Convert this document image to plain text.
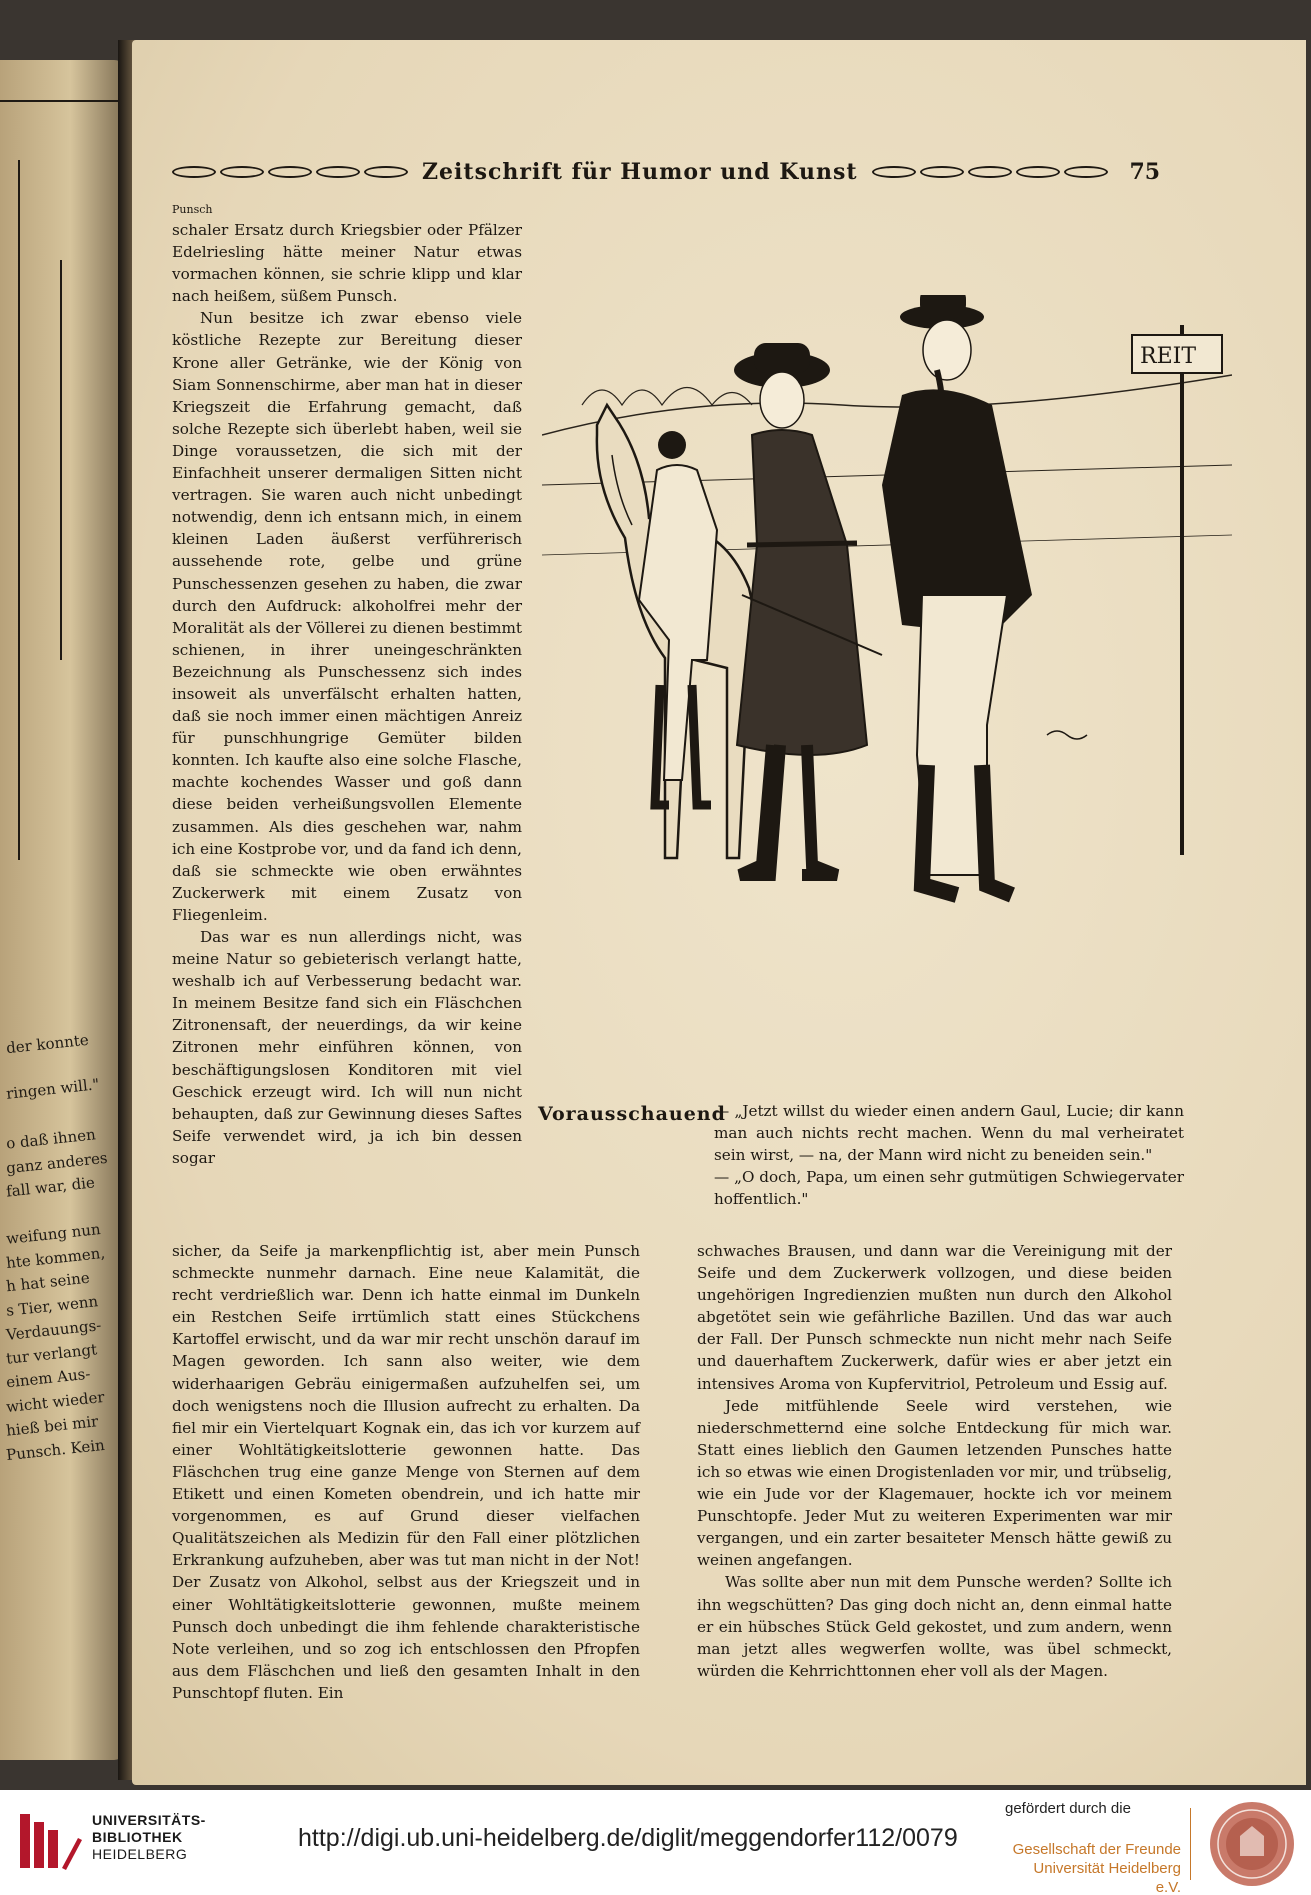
der konnte
ringen will."
o daß ihnen
ganz anderes
fall war, die
weifung nun
hte kommen,
h hat seine
s Tier, wenn
Verdauungs-
tur verlangt
einem Aus-
wicht wieder
hieß bei mir
Punsch. Kein
Zeitschrift für Humor und Kunst	75
Punsch

schaler Ersatz durch Kriegsbier oder Pfälzer Edelriesling hätte meiner Natur etwas vormachen können, sie schrie klipp und klar nach heißem, süßem Punsch.

Nun besitze ich zwar ebenso viele köstliche Rezepte zur Bereitung dieser Krone aller Getränke, wie der König von Siam Sonnenschirme, aber man hat in dieser Kriegszeit die Erfahrung gemacht, daß solche Rezepte sich überlebt haben, weil sie Dinge voraussetzen, die sich mit der Einfachheit unserer dermaligen Sitten nicht vertragen. Sie waren auch nicht unbedingt notwendig, denn ich entsann mich, in einem kleinen Laden äußerst verführerisch aussehende rote, gelbe und grüne Punschessenzen gesehen zu haben, die zwar durch den Aufdruck: alkoholfrei mehr der Moralität als der Völlerei zu dienen bestimmt schienen, in ihrer uneingeschränkten Bezeichnung als Punschessenz sich indes insoweit als unverfälscht erhalten hatten, daß sie noch immer einen mächtigen Anreiz für punschhungrige Gemüter bilden konnten. Ich kaufte also eine solche Flasche, machte kochendes Wasser und goß dann diese beiden verheißungsvollen Elemente zusammen. Als dies geschehen war, nahm ich eine Kostprobe vor, und da fand ich denn, daß sie schmeckte wie oben erwähntes Zuckerwerk mit einem Zusatz von Fliegenleim.

Das war es nun allerdings nicht, was meine Natur so gebieterisch verlangt hatte, weshalb ich auf Verbesserung bedacht war. In meinem Besitze fand sich ein Fläschchen Zitronensaft, der neuerdings, da wir keine Zitronen mehr einführen können, von beschäftigungslosen Konditoren mit viel Geschick erzeugt wird. Ich will nun nicht behaupten, daß zur Gewinnung dieses Saftes Seife verwendet wird, ja ich bin dessen sogar

REIT
Vorausschauend

— „Jetzt willst du wieder einen andern Gaul, Lucie; dir kann man auch nichts recht machen. Wenn du mal verheiratet sein wirst, — na, der Mann wird nicht zu beneiden sein."

— „O doch, Papa, um einen sehr gutmütigen Schwiegervater hoffentlich."

sicher, da Seife ja markenpflichtig ist, aber mein Punsch schmeckte nunmehr darnach. Eine neue Kalamität, die recht verdrießlich war. Denn ich hatte einmal im Dunkeln ein Restchen Seife irrtümlich statt eines Stückchens Kartoffel erwischt, und da war mir recht unschön darauf im Magen geworden. Ich sann also weiter, wie dem widerhaarigen Gebräu einigermaßen aufzuhelfen sei, um doch wenigstens noch die Illusion aufrecht zu erhalten. Da fiel mir ein Viertelquart Kognak ein, das ich vor kurzem auf einer Wohltätigkeitslotterie gewonnen hatte. Das Fläschchen trug eine ganze Menge von Sternen auf dem Etikett und einen Kometen obendrein, und ich hatte mir vorgenommen, es auf Grund dieser vielfachen Qualitätszeichen als Medizin für den Fall einer plötzlichen Erkrankung aufzuheben, aber was tut man nicht in der Not! Der Zusatz von Alkohol, selbst aus der Kriegszeit und in einer Wohltätigkeitslotterie gewonnen, mußte meinem Punsch doch unbedingt die ihm fehlende charakteristische Note verleihen, und so zog ich entschlossen den Pfropfen aus dem Fläschchen und ließ den gesamten Inhalt in den Punschtopf fluten. Ein

schwaches Brausen, und dann war die Vereinigung mit der Seife und dem Zuckerwerk vollzogen, und diese beiden ungehörigen Ingredienzien mußten nun durch den Alkohol abgetötet sein wie gefährliche Bazillen. Und das war auch der Fall. Der Punsch schmeckte nun nicht mehr nach Seife und dauerhaftem Zuckerwerk, dafür wies er aber jetzt ein intensives Aroma von Kupfervitriol, Petroleum und Essig auf.

Jede mitfühlende Seele wird verstehen, wie niederschmetternd eine solche Entdeckung für mich war. Statt eines lieblich den Gaumen letzenden Punsches hatte ich so etwas wie einen Drogistenladen vor mir, und trübselig, wie ein Jude vor der Klagemauer, hockte ich vor meinem Punschtopfe. Jeder Mut zu weiteren Experimenten war mir vergangen, und ein zarter besaiteter Mensch hätte gewiß zu weinen angefangen.

Was sollte aber nun mit dem Punsche werden? Sollte ich ihn wegschütten? Das ging doch nicht an, denn einmal hatte er ein hübsches Stück Geld gekostet, und zum andern, wenn man jetzt alles wegwerfen wollte, was übel schmeckt, würden die Kehrrichttonnen eher voll als der Magen.

UNIVERSITÄTS-
BIBLIOTHEK
HEIDELBERG
http://digi.ub.uni-heidelberg.de/diglit/meggendorfer112/0079
gefördert durch die
Gesellschaft der Freunde
Universität Heidelberg e.V.
